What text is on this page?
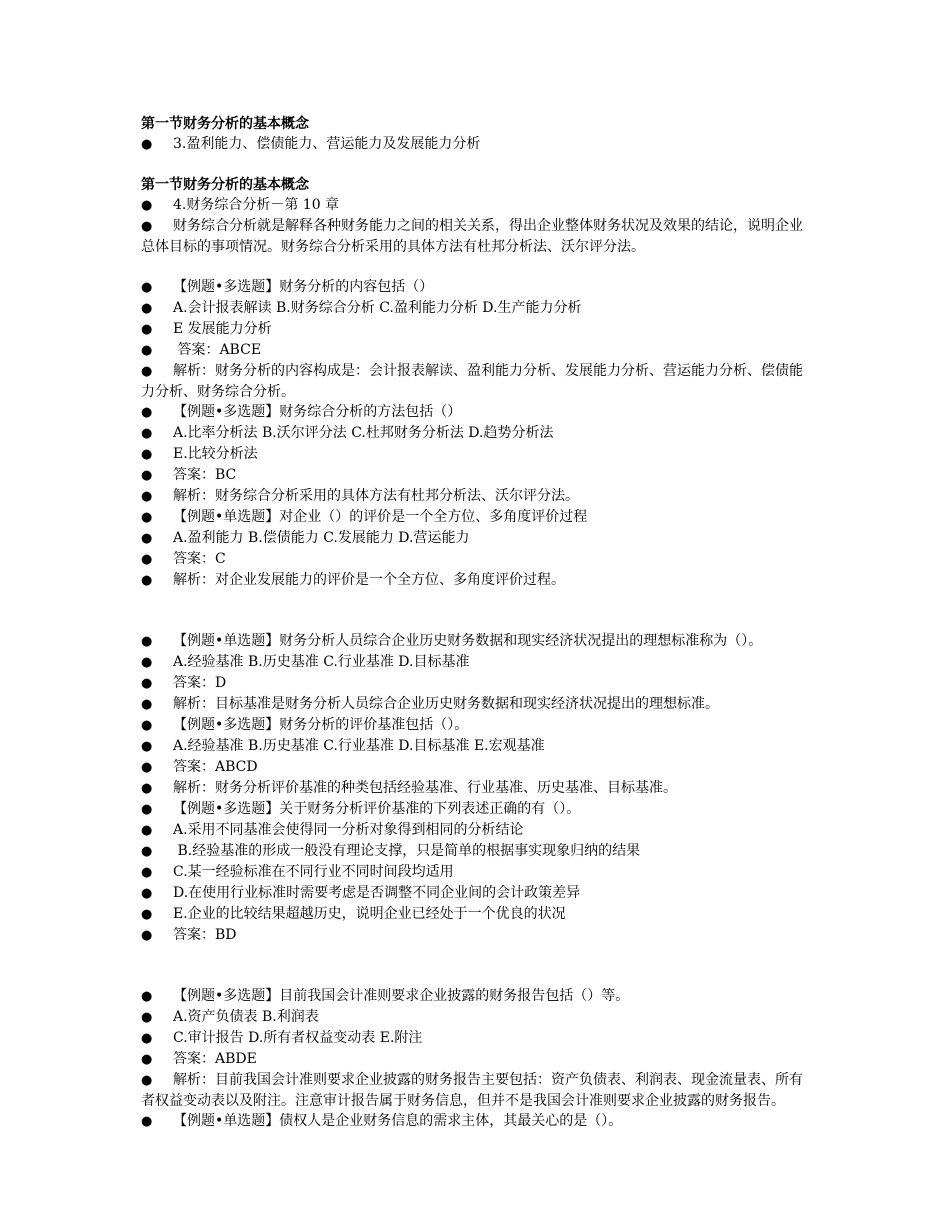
第一节财务分析的基本概念
● 3.盈利能力、偿债能力、营运能力及发展能力分析
第一节财务分析的基本概念
● 4.财务综合分析－第 10 章
● 财务综合分析就是解释各种财务能力之间的相关关系，得出企业整体财务状况及效果的结论，说明企业总体目标的事项情况。财务综合分析采用的具体方法有杜邦分析法、沃尔评分法。
● 【例题•多选题】财务分析的内容包括（）
● A.会计报表解读 B.财务综合分析 C.盈利能力分析 D.生产能力分析
● E 发展能力分析
● 答案：ABCE
● 解析：财务分析的内容构成是：会计报表解读、盈利能力分析、发展能力分析、营运能力分析、偿债能力分析、财务综合分析。
● 【例题•多选题】财务综合分析的方法包括（）
● A.比率分析法 B.沃尔评分法 C.杜邦财务分析法 D.趋势分析法
● E.比较分析法
● 答案：BC
● 解析：财务综合分析采用的具体方法有杜邦分析法、沃尔评分法。
● 【例题•单选题】对企业（）的评价是一个全方位、多角度评价过程
● A.盈利能力 B.偿债能力 C.发展能力 D.营运能力
● 答案：C
● 解析：对企业发展能力的评价是一个全方位、多角度评价过程。
● 【例题•单选题】财务分析人员综合企业历史财务数据和现实经济状况提出的理想标准称为（）。
● A.经验基准 B.历史基准 C.行业基准 D.目标基准
● 答案：D
● 解析：目标基准是财务分析人员综合企业历史财务数据和现实经济状况提出的理想标准。
● 【例题•多选题】财务分析的评价基准包括（）。
● A.经验基准 B.历史基准 C.行业基准 D.目标基准 E.宏观基准
● 答案：ABCD
● 解析：财务分析评价基准的种类包括经验基准、行业基准、历史基准、目标基准。
● 【例题•多选题】关于财务分析评价基准的下列表述正确的有（）。
● A.采用不同基准会使得同一分析对象得到相同的分析结论
● B.经验基准的形成一般没有理论支撑，只是简单的根据事实现象归纳的结果
● C.某一经验标准在不同行业不同时间段均适用
● D.在使用行业标准时需要考虑是否调整不同企业间的会计政策差异
● E.企业的比较结果超越历史，说明企业已经处于一个优良的状况
● 答案：BD
● 【例题•多选题】目前我国会计准则要求企业披露的财务报告包括（）等。
● A.资产负债表 B.利润表
● C.审计报告 D.所有者权益变动表 E.附注
● 答案：ABDE
● 解析：目前我国会计准则要求企业披露的财务报告主要包括：资产负债表、利润表、现金流量表、所有者权益变动表以及附注。注意审计报告属于财务信息，但并不是我国会计准则要求企业披露的财务报告。
● 【例题•单选题】债权人是企业财务信息的需求主体，其最关心的是（）。
